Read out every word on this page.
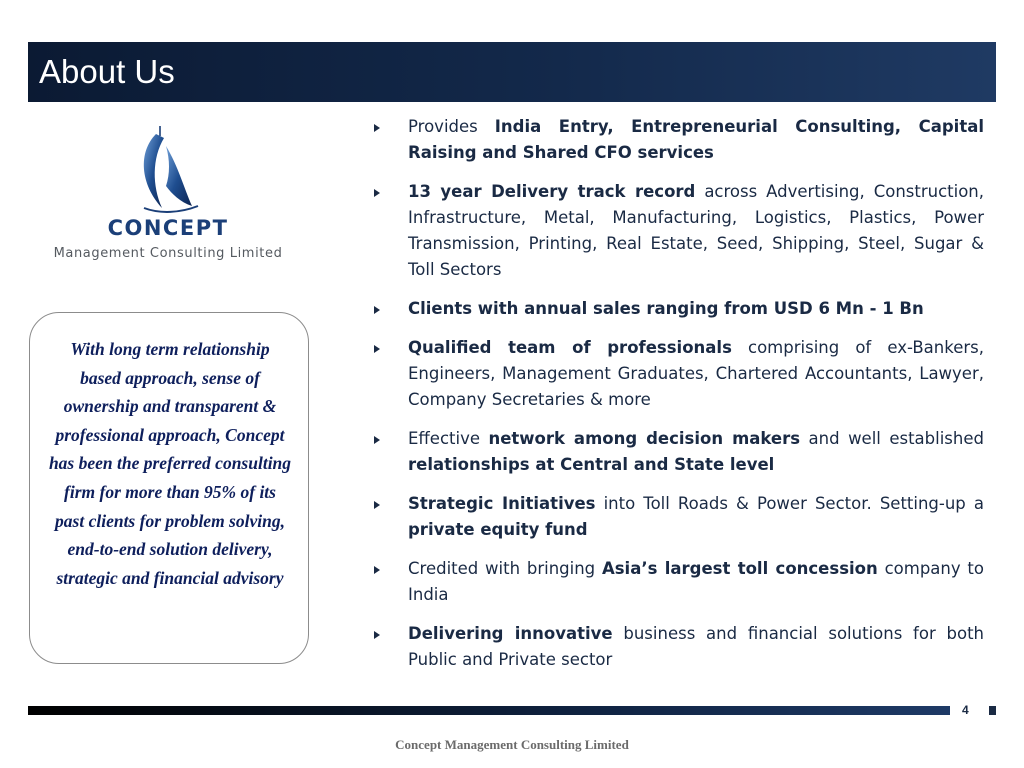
About Us
CONCEPT
Management Consulting Limited
With long term relationship based approach, sense of ownership and transparent & professional approach, Concept has been the preferred consulting firm for more than 95% of its past clients for problem solving, end-to-end solution delivery, strategic and financial advisory
Provides India Entry, Entrepreneurial Consulting, Capital Raising and Shared CFO services
13 year Delivery track record across Advertising, Construction, Infrastructure, Metal, Manufacturing, Logistics, Plastics, Power Transmission, Printing, Real Estate, Seed, Shipping, Steel, Sugar & Toll Sectors
Clients with annual sales ranging from USD 6 Mn - 1 Bn
Qualified team of professionals comprising of ex-Bankers, Engineers, Management Graduates, Chartered Accountants, Lawyer, Company Secretaries & more
Effective network among decision makers and well established relationships at Central and State level
Strategic Initiatives into Toll Roads & Power Sector. Setting-up a private equity fund
Credited with bringing Asia’s largest toll concession company to India
Delivering innovative business and financial solutions for both Public and Private sector
4
Concept Management Consulting Limited
